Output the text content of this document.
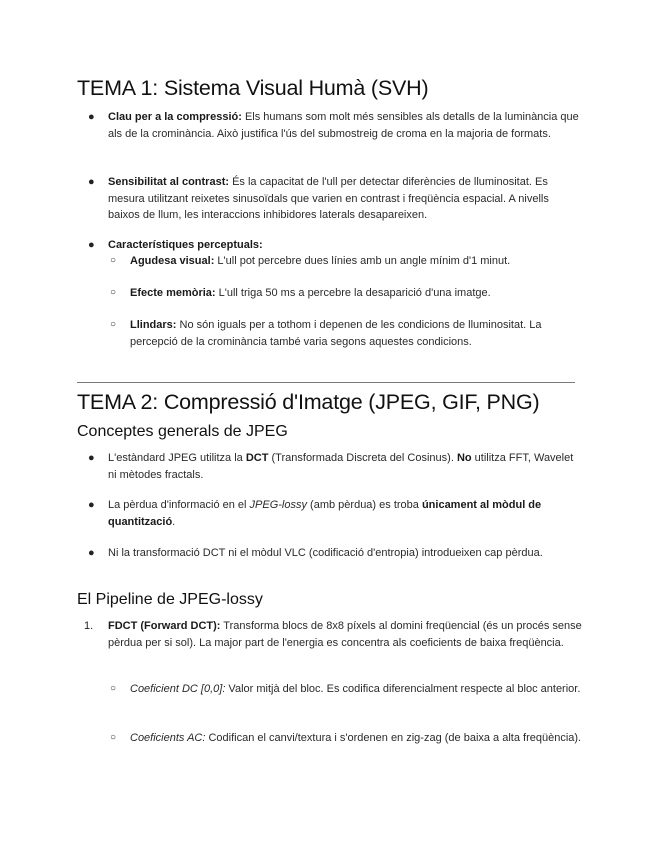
TEMA 1: Sistema Visual Humà (SVH)
● Clau per a la compressió: Els humans som molt més sensibles als detalls de la luminància que als de la crominància. Això justifica l'ús del submostreig de croma en la majoria de formats.
● Sensibilitat al contrast: És la capacitat de l'ull per detectar diferències de lluminositat. Es mesura utilitzant reixetes sinusoïdals que varien en contrast i freqüència espacial. A nivells baixos de llum, les interaccions inhibidores laterals desapareixen.
● Característiques perceptuals:
○ Agudesa visual: L'ull pot percebre dues línies amb un angle mínim d'1 minut.
○ Efecte memòria: L'ull triga 50 ms a percebre la desaparició d'una imatge.
○ Llindars: No són iguals per a tothom i depenen de les condicions de lluminositat. La percepció de la crominància també varia segons aquestes condicions.
TEMA 2: Compressió d'Imatge (JPEG, GIF, PNG)
Conceptes generals de JPEG
● L'estàndard JPEG utilitza la DCT (Transformada Discreta del Cosinus). No utilitza FFT, Wavelet ni mètodes fractals.
● La pèrdua d'informació en el JPEG-lossy (amb pèrdua) es troba únicament al mòdul de quantització.
● Ni la transformació DCT ni el mòdul VLC (codificació d'entropia) introdueixen cap pèrdua.
El Pipeline de JPEG-lossy
1. FDCT (Forward DCT): Transforma blocs de 8x8 píxels al domini freqüencial (és un procés sense pèrdua per si sol). La major part de l'energia es concentra als coeficients de baixa freqüència.
○ Coeficient DC [0,0]: Valor mitjà del bloc. Es codifica diferencialment respecte al bloc anterior.
○ Coeficients AC: Codifican el canvi/textura i s'ordenen en zig-zag (de baixa a alta freqüència).
